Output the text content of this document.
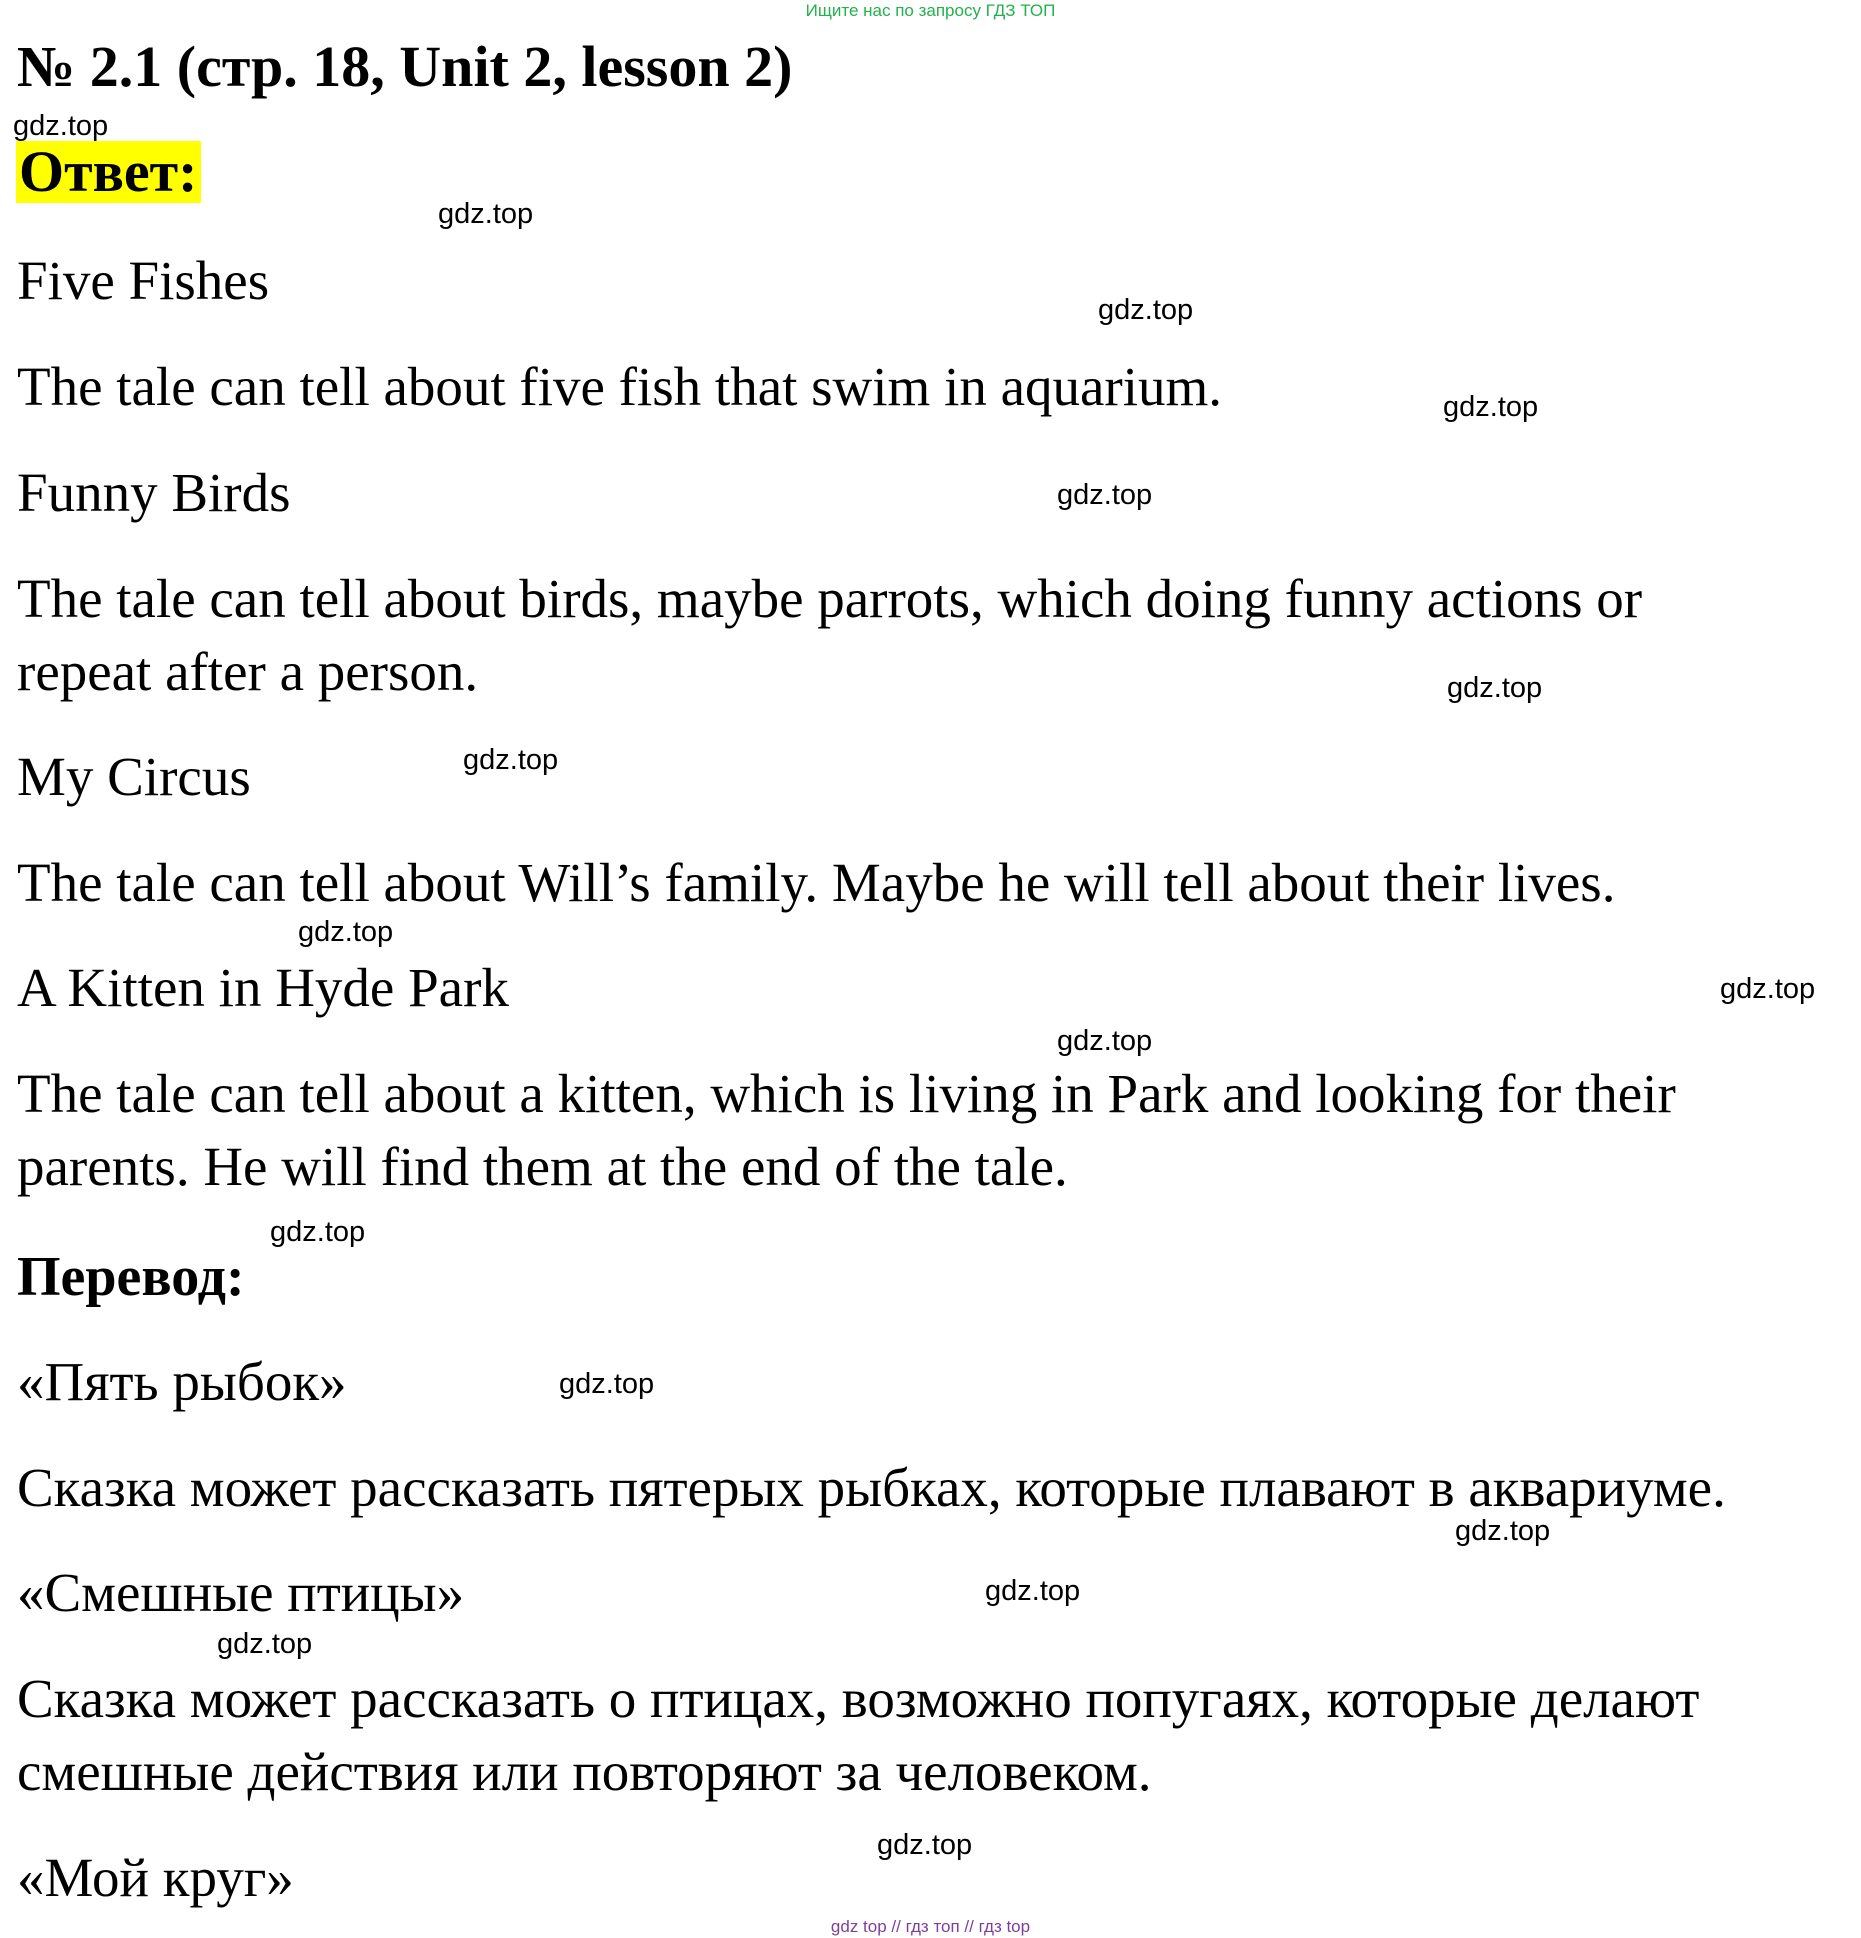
Ищите нас по запросу ГДЗ ТОП
№ 2.1 (стр. 18, Unit 2, lesson 2)
Ответ:
Five Fishes
The tale can tell about five fish that swim in aquarium.
Funny Birds
The tale can tell about birds, maybe parrots, which doing funny actions or
repeat after a person.
My Circus
The tale can tell about Will’s family. Maybe he will tell about their lives.
A Kitten in Hyde Park
The tale can tell about a kitten, which is living in Park and looking for their
parents. He will find them at the end of the tale.
Перевод:
«Пять рыбок»
Сказка может рассказать пятерых рыбках, которые плавают в аквариуме.
«Смешные птицы»
Сказка может рассказать о птицах, возможно попугаях, которые делают
смешные действия или повторяют за человеком.
«Мой круг»
gdz.top
gdz.top
gdz.top
gdz.top
gdz.top
gdz.top
gdz.top
gdz.top
gdz.top
gdz.top
gdz.top
gdz.top
gdz.top
gdz.top
gdz.top
gdz.top
gdz top // гдз топ // гдз top
